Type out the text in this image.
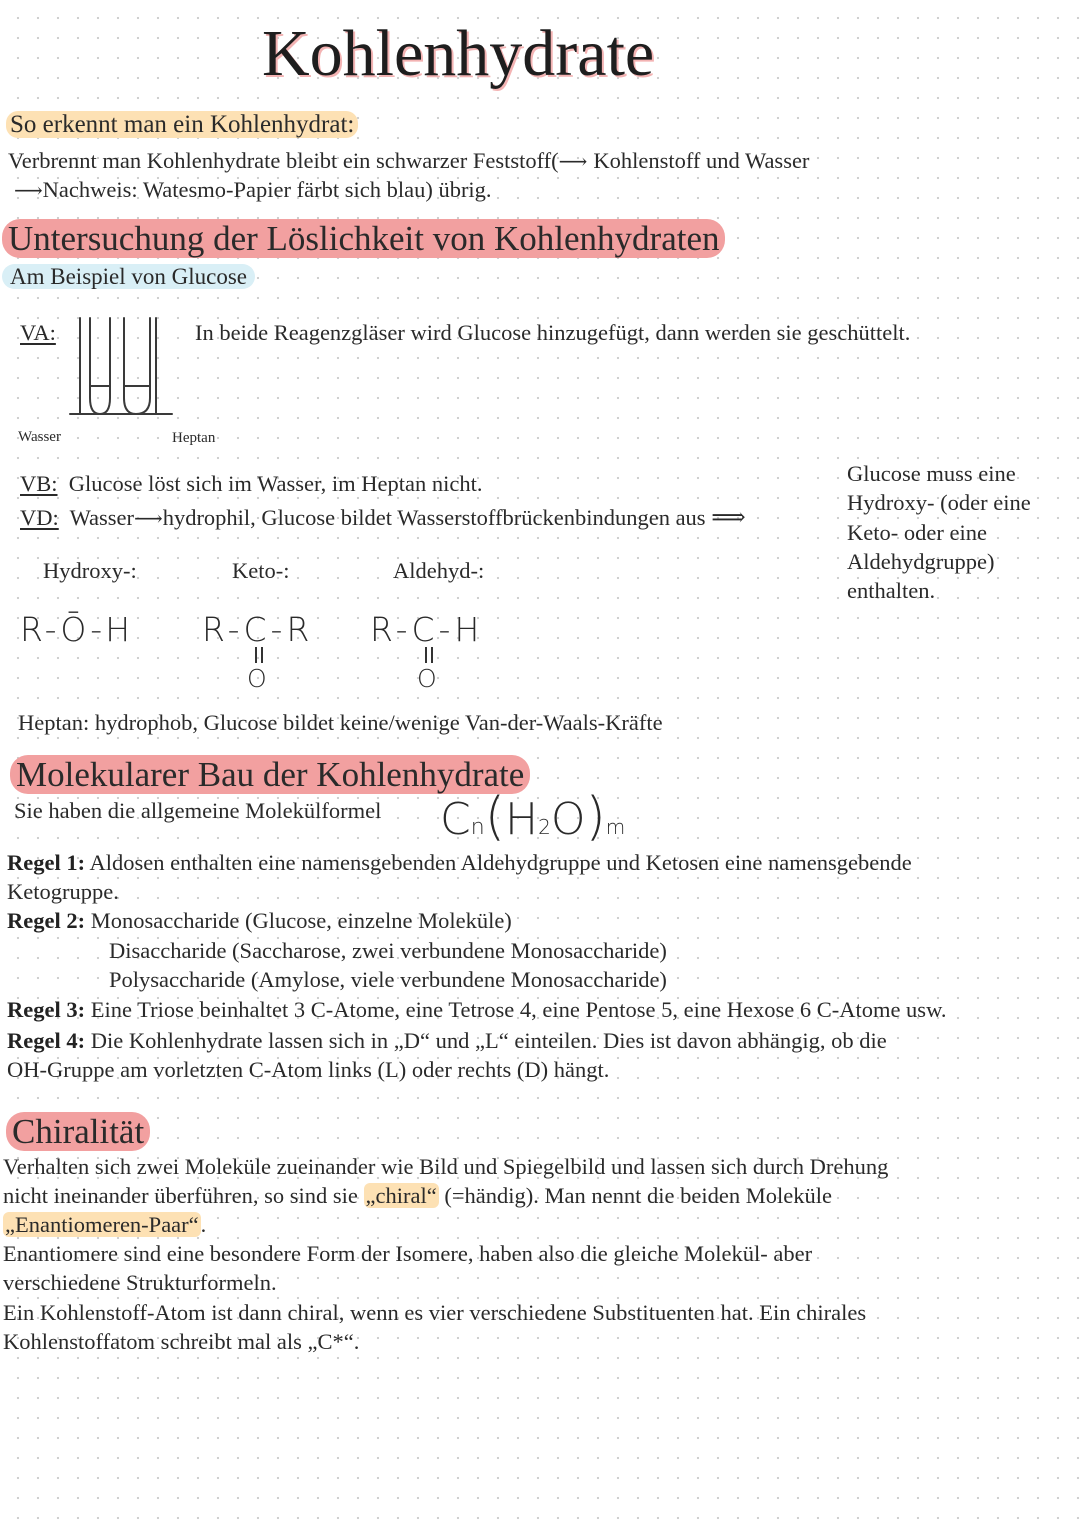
Kohlenhydrate
So erkennt man ein Kohlenhydrat:
Verbrennt man Kohlenhydrate bleibt ein schwarzer Feststoff(⟶ Kohlenstoff und Wasser
⟶Nachweis: Watesmo-Papier färbt sich blau) übrig.
Untersuchung der Löslichkeit von Kohlenhydraten
Am Beispiel von Glucose
VA:	In beide Reagenzgläser wird Glucose hinzugefügt, dann werden sie geschüttelt.
Wasser	Heptan
VB: Glucose löst sich im Wasser, im Heptan nicht.
VD: Wasser⟶hydrophil, Glucose bildet Wasserstoffbrückenbindungen aus ⟹
Glucose muss eine
Hydroxy- (oder eine
Keto- oder eine
Aldehydgruppe)
enthalten.
Hydroxy-:	Keto-:	Aldehyd-:
R-Ō-H R-C-R R-C-H
O	O
Heptan: hydrophob, Glucose bildet keine/wenige Van-der-Waals-Kräfte
Molekularer Bau der Kohlenhydrate
Sie haben die allgemeine Molekülformel Cn(H2O)m
Regel 1: Aldosen enthalten eine namensgebenden Aldehydgruppe und Ketosen eine namensgebende
Ketogruppe.
Regel 2: Monosaccharide (Glucose, einzelne Moleküle)
Disaccharide (Saccharose, zwei verbundene Monosaccharide)
Polysaccharide (Amylose, viele verbundene Monosaccharide)
Regel 3: Eine Triose beinhaltet 3 C-Atome, eine Tetrose 4, eine Pentose 5, eine Hexose 6 C-Atome usw.
Regel 4: Die Kohlenhydrate lassen sich in „D“ und „L“ einteilen. Dies ist davon abhängig, ob die
OH-Gruppe am vorletzten C-Atom links (L) oder rechts (D) hängt.
Chiralität
Verhalten sich zwei Moleküle zueinander wie Bild und Spiegelbild und lassen sich durch Drehung
nicht ineinander überführen, so sind sie „chiral“ (=händig). Man nennt die beiden Moleküle
„Enantiomeren-Paar“.
Enantiomere sind eine besondere Form der Isomere, haben also die gleiche Molekül- aber
verschiedene Strukturformeln.
Ein Kohlenstoff-Atom ist dann chiral, wenn es vier verschiedene Substituenten hat. Ein chirales
Kohlenstoffatom schreibt mal als „C*“.
